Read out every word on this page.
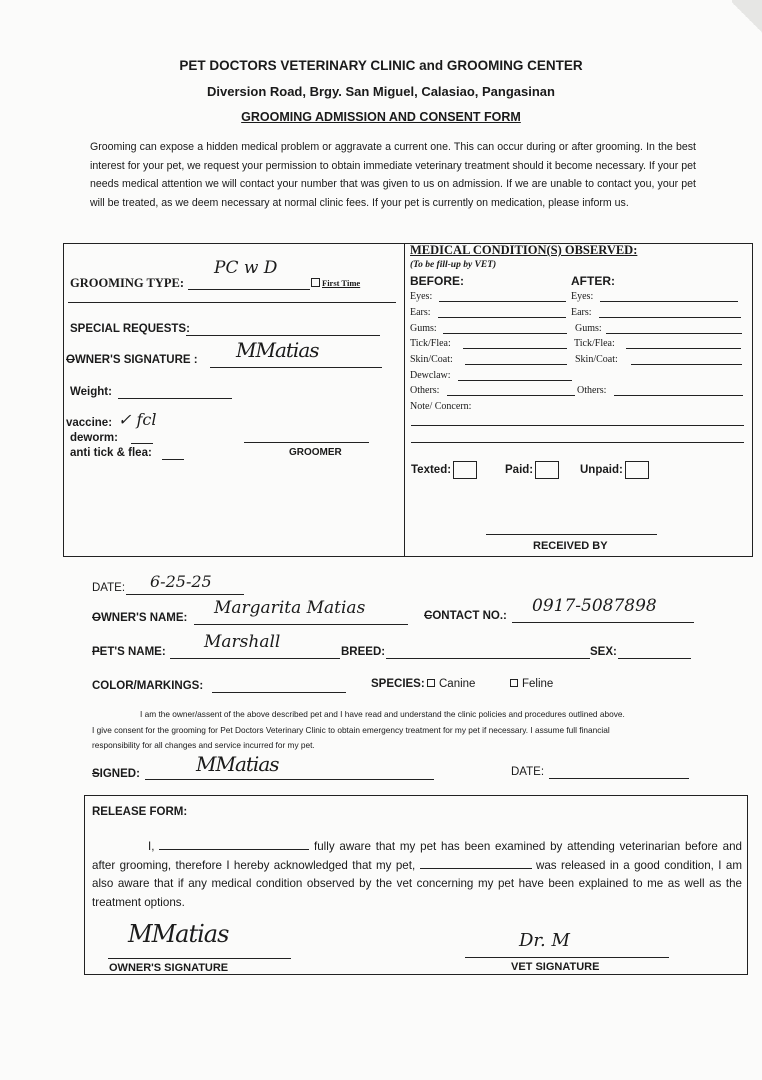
PET DOCTORS VETERINARY CLINIC and GROOMING CENTER
Diversion Road, Brgy. San Miguel, Calasiao, Pangasinan
GROOMING ADMISSION AND CONSENT FORM
Grooming can expose a hidden medical problem or aggravate a current one. This can occur during or after grooming. In the best interest for your pet, we request your permission to obtain immediate veterinary treatment should it become necessary. If your pet needs medical attention we will contact your number that was given to us on admission. If we are unable to contact you, your pet will be treated, as we deem necessary at normal clinic fees. If your pet is currently on medication, please inform us.
GROOMING TYPE:
PC w D
First Time
SPECIAL REQUESTS:
OWNER'S SIGNATURE : MMatias
Weight:
vaccine: ✓ fcl
deworm:
anti tick & flea:	GROOMER
MEDICAL CONDITION(S) OBSERVED:
(To be fill-up by VET)
BEFORE:	AFTER:
Eyes:	Eyes:
Ears:	Ears:
Gums:	Gums:
Tick/Flea:	Tick/Flea:
Skin/Coat:	Skin/Coat:
Dewclaw:
Others:	Others:
Note/ Concern:
Texted:	Paid:	Unpaid:
RECEIVED BY
DATE: 6-25-25
OWNER'S NAME: Margarita Matias	CONTACT NO.: 0917-5087898
PET'S NAME: Marshall	BREED:	SEX:
COLOR/MARKINGS:	SPECIES:	Canine	Feline
I am the owner/assent of the above described pet and I have read and understand the clinic policies and procedures outlined above.
I give consent for the grooming for Pet Doctors Veterinary Clinic to obtain emergency treatment for my pet if necessary. I assume full financial
responsibility for all changes and service incurred for my pet.
SIGNED:	MMatias	DATE:
RELEASE FORM:
I,	fully aware that my pet has been examined by attending veterinarian before and after grooming, therefore I hereby acknowledged that my pet,	was released in a good condition, I am also aware that if any medical condition observed by the vet concerning my pet have been explained to me as well as the treatment options.
MMatias
OWNER'S SIGNATURE
Dr. M
VET SIGNATURE
